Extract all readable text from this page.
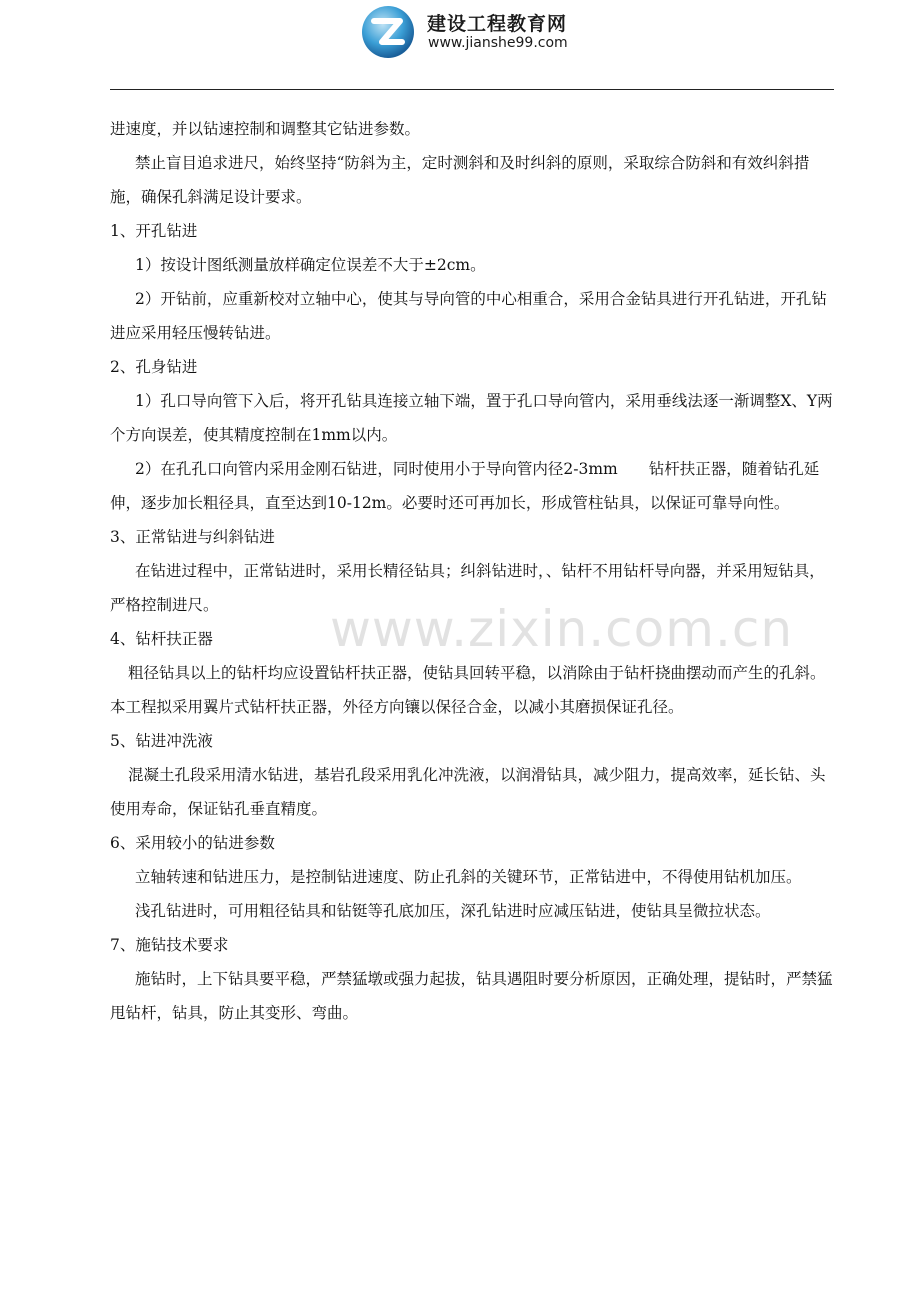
建设工程教育网
www.jianshe99.com

进速度，并以钻速控制和调整其它钻进参数。

禁止盲目追求进尺，始终坚持“防斜为主，定时测斜和及时纠斜的原则，采取综合防斜和有效纠斜措施，确保孔斜满足设计要求。

1、开孔钻进

1）按设计图纸测量放样确定位误差不大于±2cm。

2）开钻前，应重新校对立轴中心，使其与导向管的中心相重合，采用合金钻具进行开孔钻进，开孔钻进应采用轻压慢转钻进。

2、孔身钻进

1）孔口导向管下入后，将开孔钻具连接立轴下端，置于孔口导向管内，采用垂线法逐一渐调整X、Y两个方向误差，使其精度控制在1mm以内。

2）在孔孔口向管内采用金刚石钻进，同时使用小于导向管内径2-3mm　　钻杆扶正器，随着钻孔延伸，逐步加长粗径具，直至达到10-12m。必要时还可再加长，形成管柱钻具，以保证可靠导向性。

3、正常钻进与纠斜钻进

在钻进过程中，正常钻进时，采用长精径钻具；纠斜钻进时，、钻杆不用钻杆导向器，并采用短钻具，严格控制进尺。

4、钻杆扶正器

粗径钻具以上的钻杆均应设置钻杆扶正器，使钻具回转平稳，以消除由于钻杆挠曲摆动而产生的孔斜。本工程拟采用翼片式钻杆扶正器，外径方向镶以保径合金，以减小其磨损保证孔径。

5、钻进冲洗液

混凝土孔段采用清水钻进，基岩孔段采用乳化冲洗液，以润滑钻具，减少阻力，提高效率，延长钻、头使用寿命，保证钻孔垂直精度。

6、采用较小的钻进参数

立轴转速和钻进压力，是控制钻进速度、防止孔斜的关键环节，正常钻进中，不得使用钻机加压。

浅孔钻进时，可用粗径钻具和钻铤等孔底加压，深孔钻进时应减压钻进，使钻具呈微拉状态。

7、施钻技术要求

施钻时，上下钻具要平稳，严禁猛墩或强力起拔，钻具遇阻时要分析原因，正确处理，提钻时，严禁猛甩钻杆，钻具，防止其变形、弯曲。

www.zixin.com.cn
